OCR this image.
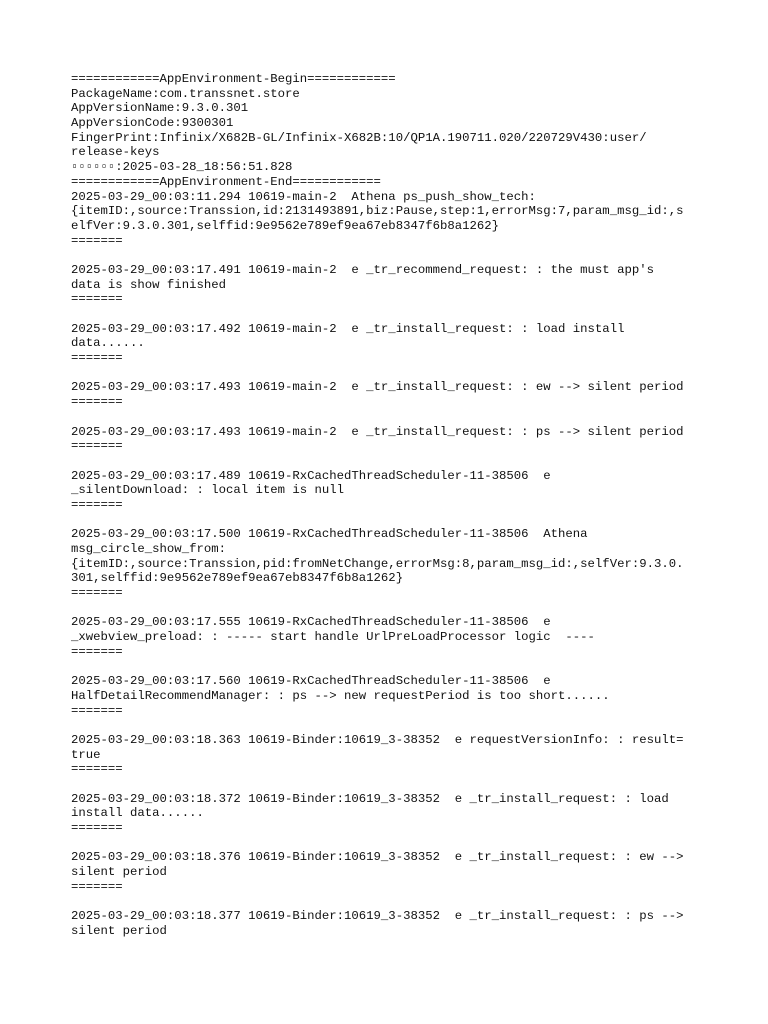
============AppEnvironment-Begin============
PackageName:com.transsnet.store
AppVersionName:9.3.0.301
AppVersionCode:9300301
FingerPrint:Infinix/X682B-GL/Infinix-X682B:10/QP1A.190711.020/220729V430:user/
release-keys
▫▫▫▫▫▫:2025-03-28_18:56:51.828
============AppEnvironment-End============
2025-03-29_00:03:11.294 10619-main-2  Athena ps_push_show_tech:
{itemID:,source:Transsion,id:2131493891,biz:Pause,step:1,errorMsg:7,param_msg_id:,s
elfVer:9.3.0.301,selffid:9e9562e789ef9ea67eb8347f6b8a1262}
=======
2025-03-29_00:03:17.491 10619-main-2  e _tr_recommend_request: : the must app's
data is show finished
=======
2025-03-29_00:03:17.492 10619-main-2  e _tr_install_request: : load install
data......
=======
2025-03-29_00:03:17.493 10619-main-2  e _tr_install_request: : ew --> silent period
=======
2025-03-29_00:03:17.493 10619-main-2  e _tr_install_request: : ps --> silent period
=======
2025-03-29_00:03:17.489 10619-RxCachedThreadScheduler-11-38506  e
_silentDownload: : local item is null
=======
2025-03-29_00:03:17.500 10619-RxCachedThreadScheduler-11-38506  Athena
msg_circle_show_from:
{itemID:,source:Transsion,pid:fromNetChange,errorMsg:8,param_msg_id:,selfVer:9.3.0.
301,selffid:9e9562e789ef9ea67eb8347f6b8a1262}
=======
2025-03-29_00:03:17.555 10619-RxCachedThreadScheduler-11-38506  e
_xwebview_preload: : ----- start handle UrlPreLoadProcessor logic  ----
=======
2025-03-29_00:03:17.560 10619-RxCachedThreadScheduler-11-38506  e
HalfDetailRecommendManager: : ps --> new requestPeriod is too short......
=======
2025-03-29_00:03:18.363 10619-Binder:10619_3-38352  e requestVersionInfo: : result=
true
=======
2025-03-29_00:03:18.372 10619-Binder:10619_3-38352  e _tr_install_request: : load
install data......
=======
2025-03-29_00:03:18.376 10619-Binder:10619_3-38352  e _tr_install_request: : ew -->
silent period
=======
2025-03-29_00:03:18.377 10619-Binder:10619_3-38352  e _tr_install_request: : ps -->
silent period
